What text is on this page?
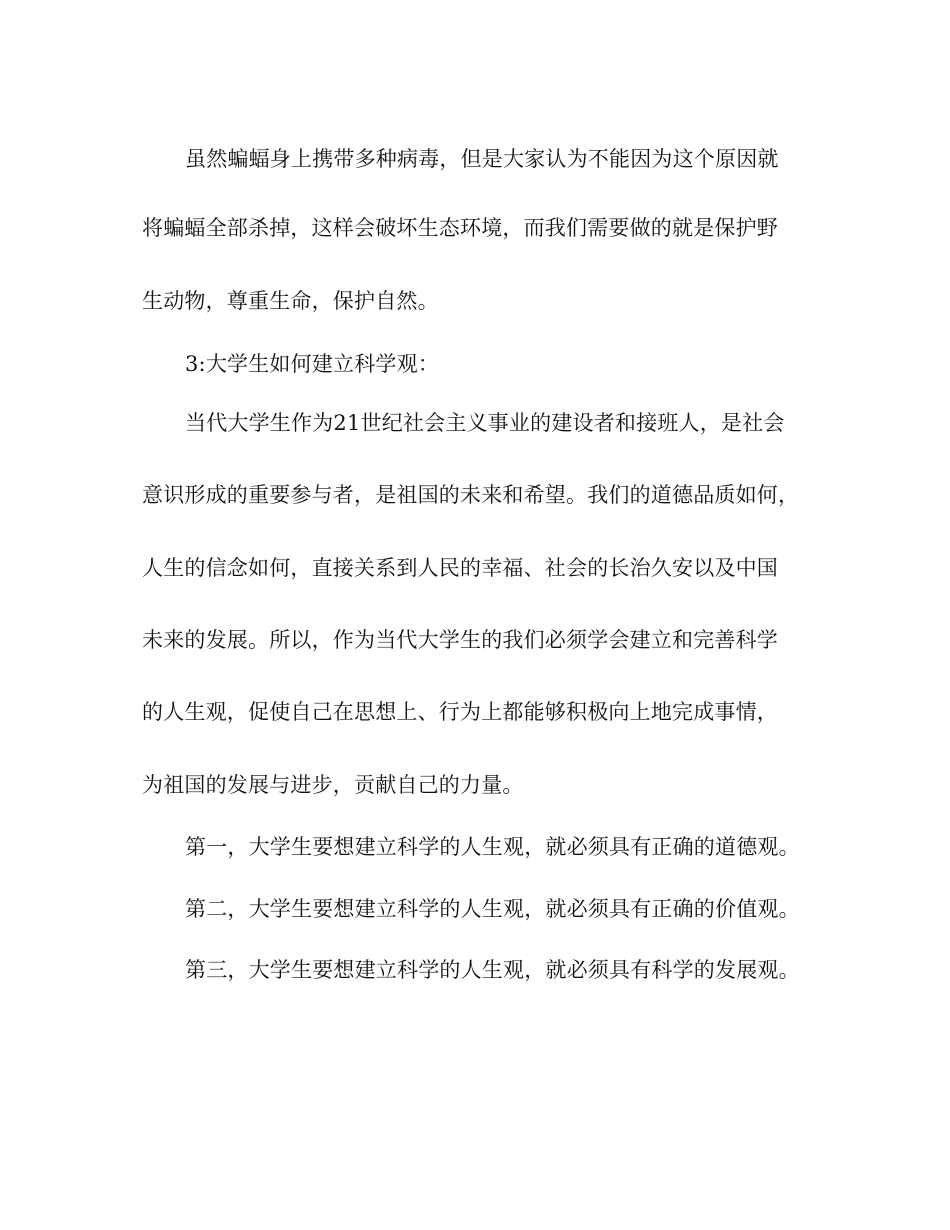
虽然蝙蝠身上携带多种病毒，但是大家认为不能因为这个原因就
将蝙蝠全部杀掉，这样会破坏生态环境，而我们需要做的就是保护野
生动物，尊重生命，保护自然。
3:大学生如何建立科学观：
当代大学生作为21世纪社会主义事业的建设者和接班人，是社会
意识形成的重要参与者，是祖国的未来和希望。我们的道德品质如何，
人生的信念如何，直接关系到人民的幸福、社会的长治久安以及中国
未来的发展。所以，作为当代大学生的我们必须学会建立和完善科学
的人生观，促使自己在思想上、行为上都能够积极向上地完成事情，
为祖国的发展与进步，贡献自己的力量。
第一，大学生要想建立科学的人生观，就必须具有正确的道德观。
第二，大学生要想建立科学的人生观，就必须具有正确的价值观。
第三，大学生要想建立科学的人生观，就必须具有科学的发展观。
